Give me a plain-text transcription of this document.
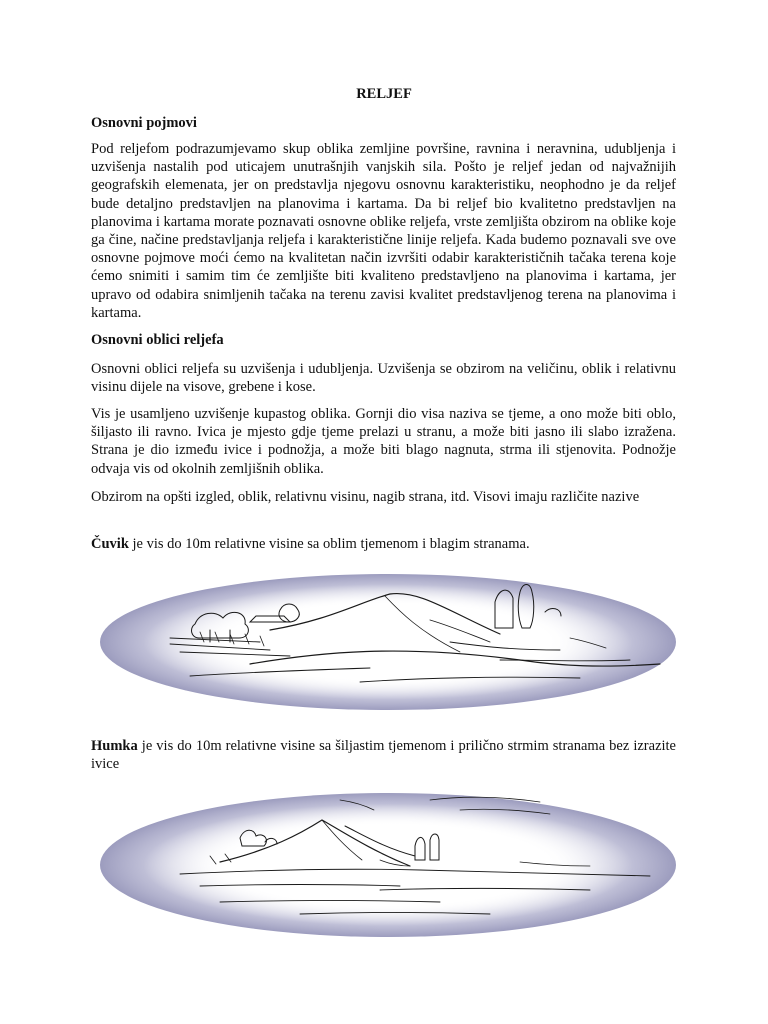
RELJEF
Osnovni pojmovi

Pod reljefom podrazumjevamo skup oblika zemljine površine, ravnina i neravnina, udubljenja i uzvišenja nastalih pod uticajem unutrašnjih vanjskih sila. Pošto je reljef jedan od najvažnijih geografskih elemenata, jer on predstavlja njegovu osnovnu karakteristiku, neophodno je da reljef bude detaljno predstavljen na planovima i kartama. Da bi reljef bio kvalitetno predstavljen na planovima i kartama morate poznavati osnovne oblike reljefa, vrste zemljišta obzirom na oblike koje ga čine, načine predstavljanja reljefa i karakteristične linije reljefa. Kada budemo poznavali sve ove osnovne pojmove moći ćemo na kvalitetan način izvršiti odabir karakterističnih tačaka terena koje ćemo snimiti i samim tim će zemljište biti kvaliteno predstavljeno na planovima i kartama, jer upravo od odabira snimljenih tačaka na terenu zavisi kvalitet predstavljenog terena na planovima i kartama.

Osnovni oblici reljefa

Osnovni oblici reljefa su uzvišenja i udubljenja. Uzvišenja se obzirom na veličinu, oblik i relativnu visinu dijele na visove, grebene i kose.

Vis je usamljeno uzvišenje kupastog oblika. Gornji dio visa naziva se tjeme, a ono može biti oblo, šiljasto ili ravno. Ivica je mjesto gdje tjeme prelazi u stranu, a može biti jasno ili slabo izražena. Strana je dio između ivice i podnožja, a može biti blago nagnuta, strma ili stjenovita. Podnožje odvaja vis od okolnih zemljišnih oblika.

Obzirom na opšti izgled, oblik, relativnu visinu, nagib strana, itd. Visovi imaju različite nazive

Čuvik je vis do 10m relativne visine sa oblim tjemenom i blagim stranama.

Humka je vis do 10m relativne visine sa šiljastim tjemenom i prilično strmim stranama bez izrazite ivice
